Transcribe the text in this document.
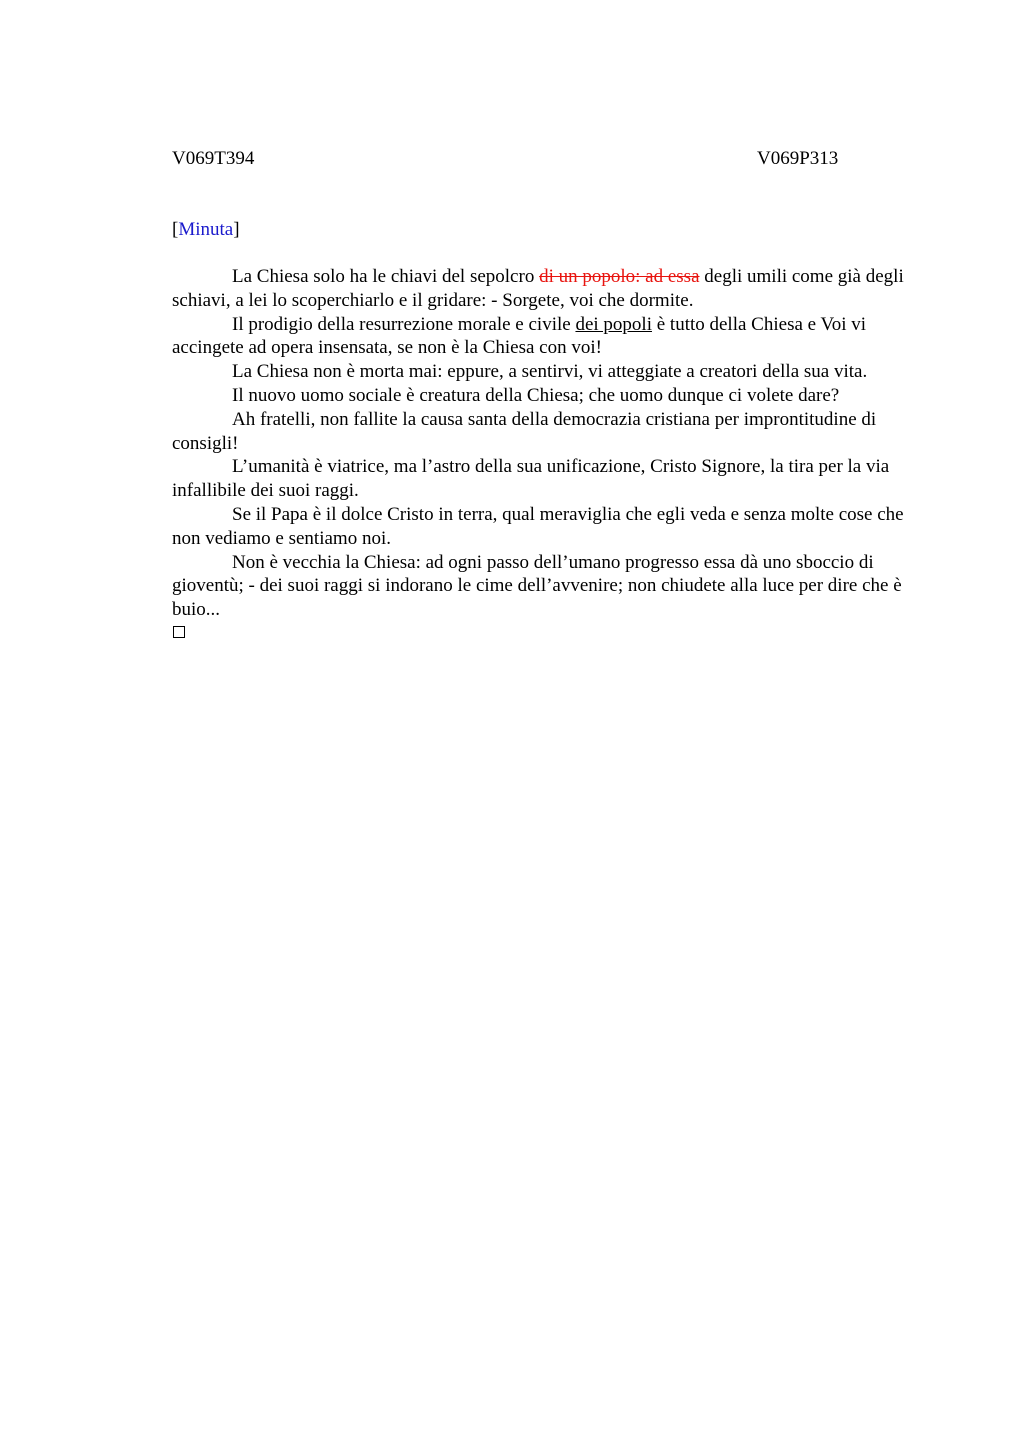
V069T394	V069P313
[Minuta]

La Chiesa solo ha le chiavi del sepolcro di un popolo: ad essa degli umili come già degli schiavi, a lei lo scoperchiarlo e il gridare: - Sorgete, voi che dormite.

Il prodigio della resurrezione morale e civile dei popoli è tutto della Chiesa e Voi vi accingete ad opera insensata, se non è la Chiesa con voi!

La Chiesa non è morta mai: eppure, a sentirvi, vi atteggiate a creatori della sua vita.

Il nuovo uomo sociale è creatura della Chiesa; che uomo dunque ci volete dare?

Ah fratelli, non fallite la causa santa della democrazia cristiana per improntitudine di consigli!

L’umanità è viatrice, ma l’astro della sua unificazione, Cristo Signore, la tira per la via infallibile dei suoi raggi.

Se il Papa è il dolce Cristo in terra, qual meraviglia che egli veda e senza molte cose che non vediamo e sentiamo noi.

Non è vecchia la Chiesa: ad ogni passo dell’umano progresso essa dà uno sboccio di gioventù; - dei suoi raggi si indorano le cime dell’avvenire; non chiudete alla luce per dire che è buio...
